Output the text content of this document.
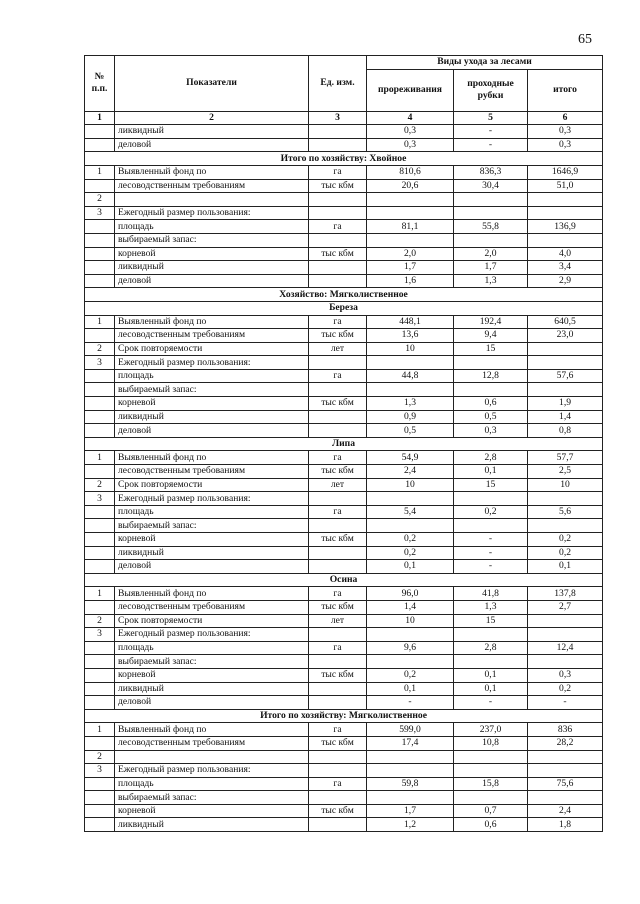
65
№ п.п.	Показатели	Ед. изм.	Виды ухода за лесами		
			прореживания	проходные рубки	итого
1	2	3	4	5	6
	ликвидный		0,3	-	0,3
	деловой		0,3	-	0,3
Итого по хозяйству: Хвойное					
1	Выявленный фонд по	га	810,6	836,3	1646,9
	лесоводственным требованиям	тыс кбм	20,6	30,4	51,0
2					
3	Ежегодный размер пользования:				
	площадь	га	81,1	55,8	136,9
	выбираемый запас:				
	корневой	тыс кбм	2,0	2,0	4,0
	ликвидный		1,7	1,7	3,4
	деловой		1,6	1,3	2,9
Хозяйство: Мягколиственное					
Береза					
1	Выявленный фонд по	га	448,1	192,4	640,5
	лесоводственным требованиям	тыс кбм	13,6	9,4	23,0
2	Срок повторяемости	лет	10	15	
3	Ежегодный размер пользования:				
	площадь	га	44,8	12,8	57,6
	выбираемый запас:				
	корневой	тыс кбм	1,3	0,6	1,9
	ликвидный		0,9	0,5	1,4
	деловой		0,5	0,3	0,8
Липа					
1	Выявленный фонд по	га	54,9	2,8	57,7
	лесоводственным требованиям	тыс кбм	2,4	0,1	2,5
2	Срок повторяемости	лет	10	15	10
3	Ежегодный размер пользования:				
	площадь	га	5,4	0,2	5,6
	выбираемый запас:				
	корневой	тыс кбм	0,2	-	0,2
	ликвидный		0,2	-	0,2
	деловой		0,1	-	0,1
Осина					
1	Выявленный фонд по	га	96,0	41,8	137,8
	лесоводственным требованиям	тыс кбм	1,4	1,3	2,7
2	Срок повторяемости	лет	10	15	
3	Ежегодный размер пользования:				
	площадь	га	9,6	2,8	12,4
	выбираемый запас:				
	корневой	тыс кбм	0,2	0,1	0,3
	ликвидный		0,1	0,1	0,2
	деловой		-	-	-
Итого по хозяйству: Мягколиственное					
1	Выявленный фонд по	га	599,0	237,0	836
	лесоводственным требованиям	тыс кбм	17,4	10,8	28,2
2					
3	Ежегодный размер пользования:				
	площадь	га	59,8	15,8	75,6
	выбираемый запас:				
	корневой	тыс кбм	1,7	0,7	2,4
	ликвидный		1,2	0,6	1,8
